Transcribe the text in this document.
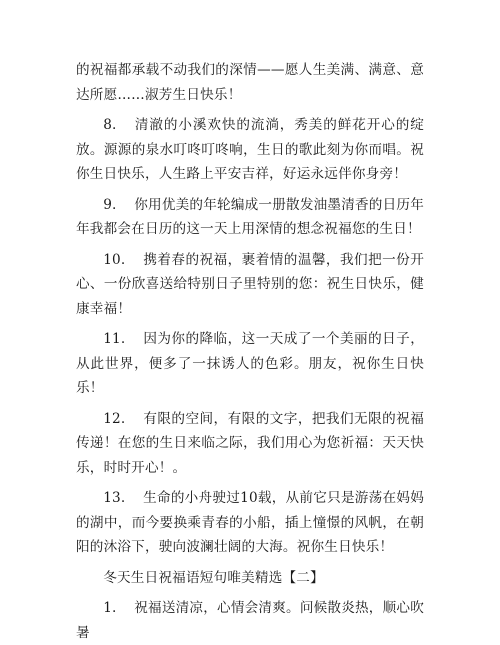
的祝福都承载不动我们的深情——愿人生美满、满意、意达所愿……淑芳生日快乐！

8. 清澈的小溪欢快的流淌，秀美的鲜花开心的绽放。源源的泉水叮咚叮咚响，生日的歌此刻为你而唱。祝你生日快乐，人生路上平安吉祥，好运永远伴你身旁！

9. 你用优美的年轮编成一册散发油墨清香的日历年年我都会在日历的这一天上用深情的想念祝福您的生日！

10. 携着春的祝福，裹着情的温馨，我们把一份开心、一份欣喜送给特别日子里特别的您：祝生日快乐，健康幸福！

11. 因为你的降临，这一天成了一个美丽的日子，从此世界，便多了一抹诱人的色彩。朋友，祝你生日快乐！

12. 有限的空间，有限的文字，把我们无限的祝福传递！在您的生日来临之际，我们用心为您祈福：天天快乐，时时开心！。

13. 生命的小舟驶过10载，从前它只是游荡在妈妈的湖中，而今要换乘青春的小船，插上憧憬的风帆，在朝阳的沐浴下，驶向波澜壮阔的大海。祝你生日快乐！

冬天生日祝福语短句唯美精选【二】

1. 祝福送清凉，心情会清爽。问候散炎热，顺心吹暑
